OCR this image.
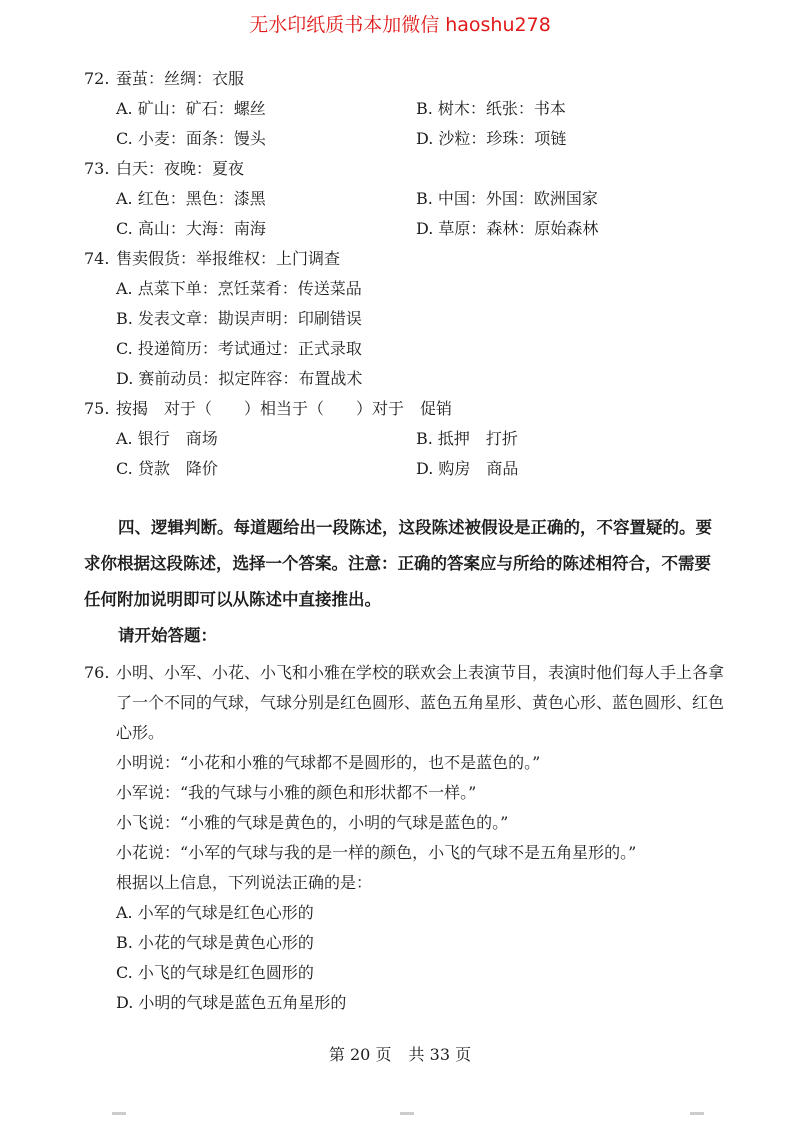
无水印纸质书本加微信 haoshu278
72. 蚕茧：丝绸：衣服
A. 矿山：矿石：螺丝	B. 树木：纸张：书本
C. 小麦：面条：馒头	D. 沙粒：珍珠：项链
73. 白天：夜晚：夏夜
A. 红色：黑色：漆黑	B. 中国：外国：欧洲国家
C. 高山：大海：南海	D. 草原：森林：原始森林
74. 售卖假货：举报维权：上门调查
A. 点菜下单：烹饪菜肴：传送菜品
B. 发表文章：勘误声明：印刷错误
C. 投递简历：考试通过：正式录取
D. 赛前动员：拟定阵容：布置战术
75. 按揭　对于（　　）相当于（　　）对于　促销
A. 银行　商场	B. 抵押　打折
C. 贷款　降价	D. 购房　商品
四、逻辑判断。每道题给出一段陈述，这段陈述被假设是正确的，不容置疑的。要求你根据这段陈述，选择一个答案。注意：正确的答案应与所给的陈述相符合，不需要任何附加说明即可以从陈述中直接推出。
请开始答题：
76. 小明、小军、小花、小飞和小雅在学校的联欢会上表演节目，表演时他们每人手上各拿了一个不同的气球，气球分别是红色圆形、蓝色五角星形、黄色心形、蓝色圆形、红色心形。
小明说：“小花和小雅的气球都不是圆形的，也不是蓝色的。”
小军说：“我的气球与小雅的颜色和形状都不一样。”
小飞说：“小雅的气球是黄色的，小明的气球是蓝色的。”
小花说：“小军的气球与我的是一样的颜色，小飞的气球不是五角星形的。”
根据以上信息，下列说法正确的是：
A. 小军的气球是红色心形的
B. 小花的气球是黄色心形的
C. 小飞的气球是红色圆形的
D. 小明的气球是蓝色五角星形的
第 20 页 共 33 页
